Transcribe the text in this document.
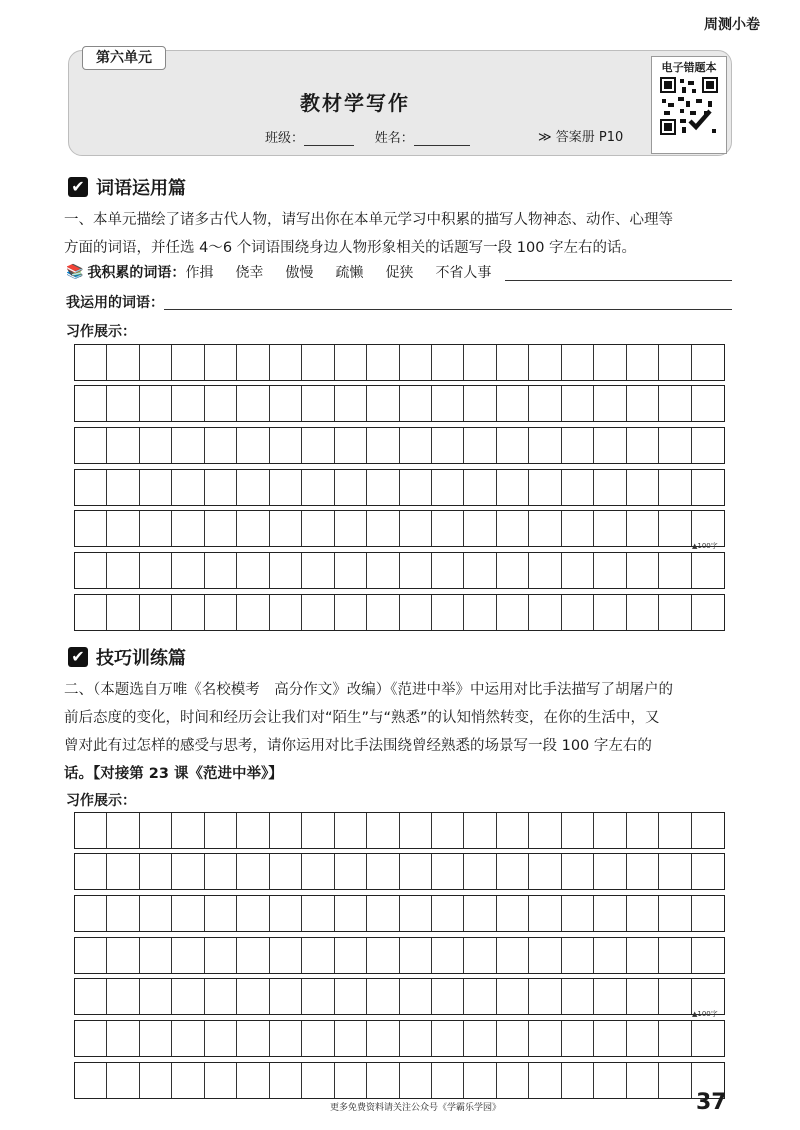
周测小卷
第六单元
教材学写作
班级：	姓名：	≫ 答案册 P10
电子错题本
✔ 词语运用篇
一、本单元描绘了诸多古代人物，请写出你在本单元学习中积累的描写人物神态、动作、心理等
方面的词语，并任选 4～6 个词语围绕身边人物形象相关的话题写一段 100 字左右的话。
📚 我积累的词语： 作揖 侥幸 傲慢 疏懒 促狭 不省人事
我运用的词语：
习作展示：
▲100字
✔ 技巧训练篇
二、（本题选自万唯《名校模考　高分作文》改编）《范进中举》中运用对比手法描写了胡屠户的
前后态度的变化，时间和经历会让我们对“陌生”与“熟悉”的认知悄然转变，在你的生活中，又
曾对此有过怎样的感受与思考，请你运用对比手法围绕曾经熟悉的场景写一段 100 字左右的
话。【对接第 23 课《范进中举》】
习作展示：
▲100字
更多免费资料请关注公众号《学霸乐学园》	37
